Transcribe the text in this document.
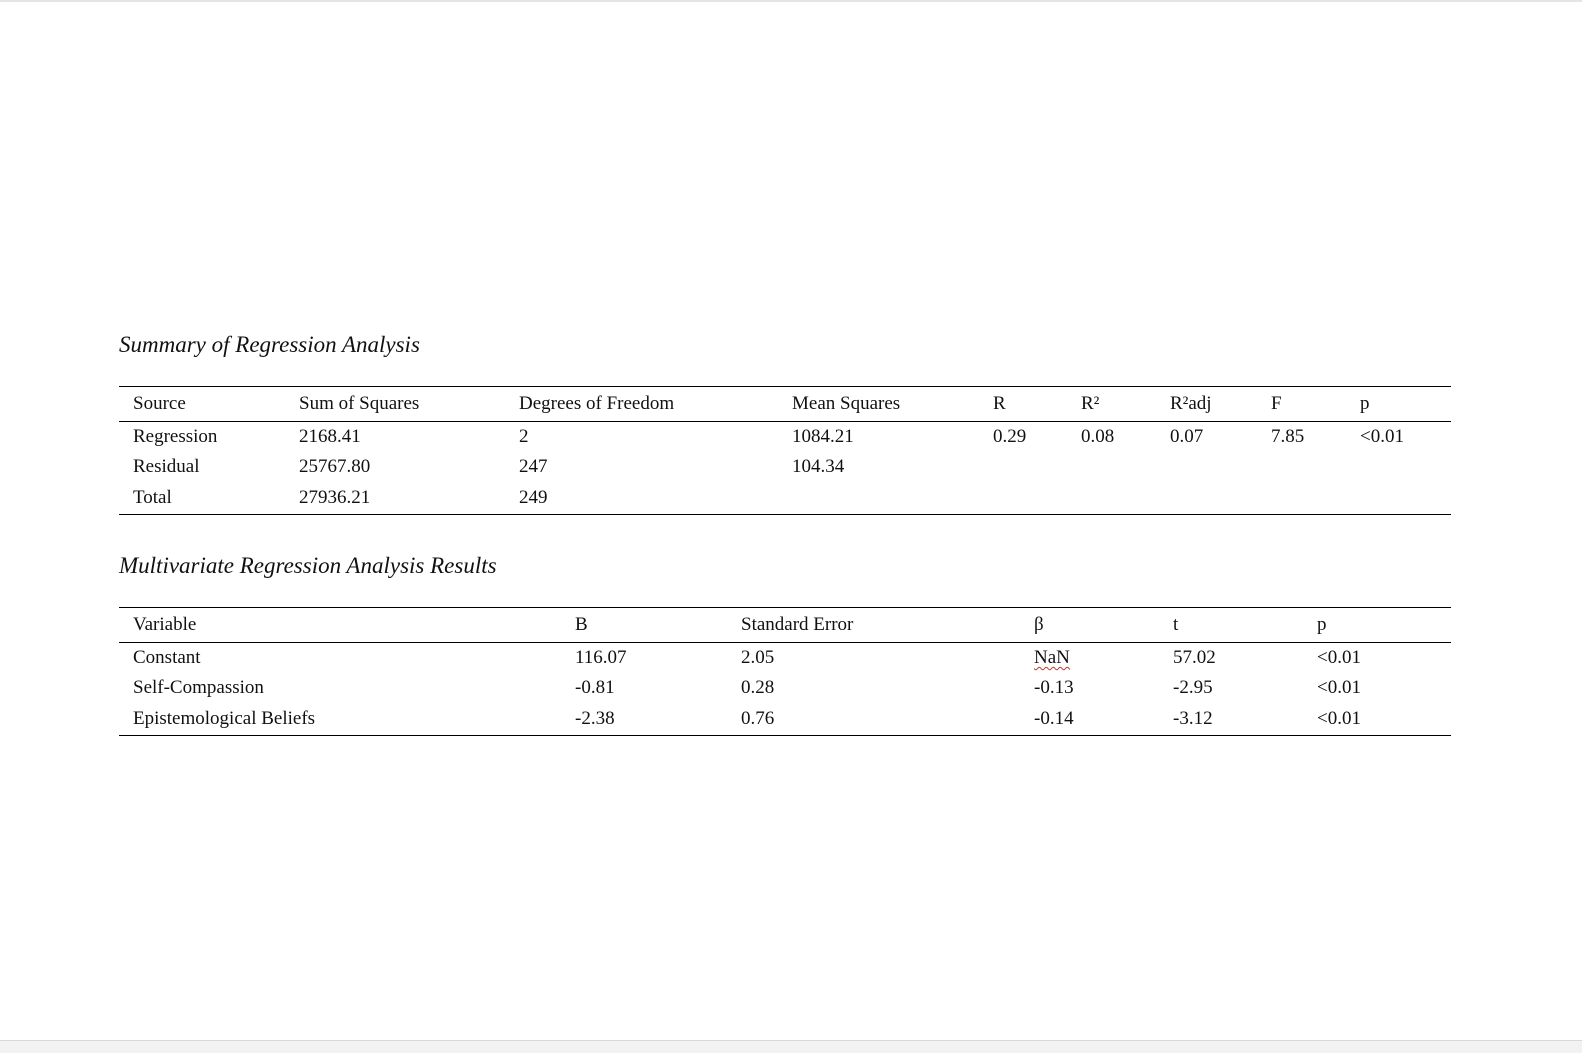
Summary of Regression Analysis
Source	Sum of Squares	Degrees of Freedom	Mean Squares	R	R²	R²adj	F	p
Regression	2168.41	2	1084.21	0.29	0.08	0.07	7.85	<0.01
Residual	25767.80	247	104.34					
Total	27936.21	249						
Multivariate Regression Analysis Results
Variable	B	Standard Error	β	t	p
Constant	116.07	2.05	NaN	57.02	<0.01
Self-Compassion	-0.81	0.28	-0.13	-2.95	<0.01
Epistemological Beliefs	-2.38	0.76	-0.14	-3.12	<0.01
